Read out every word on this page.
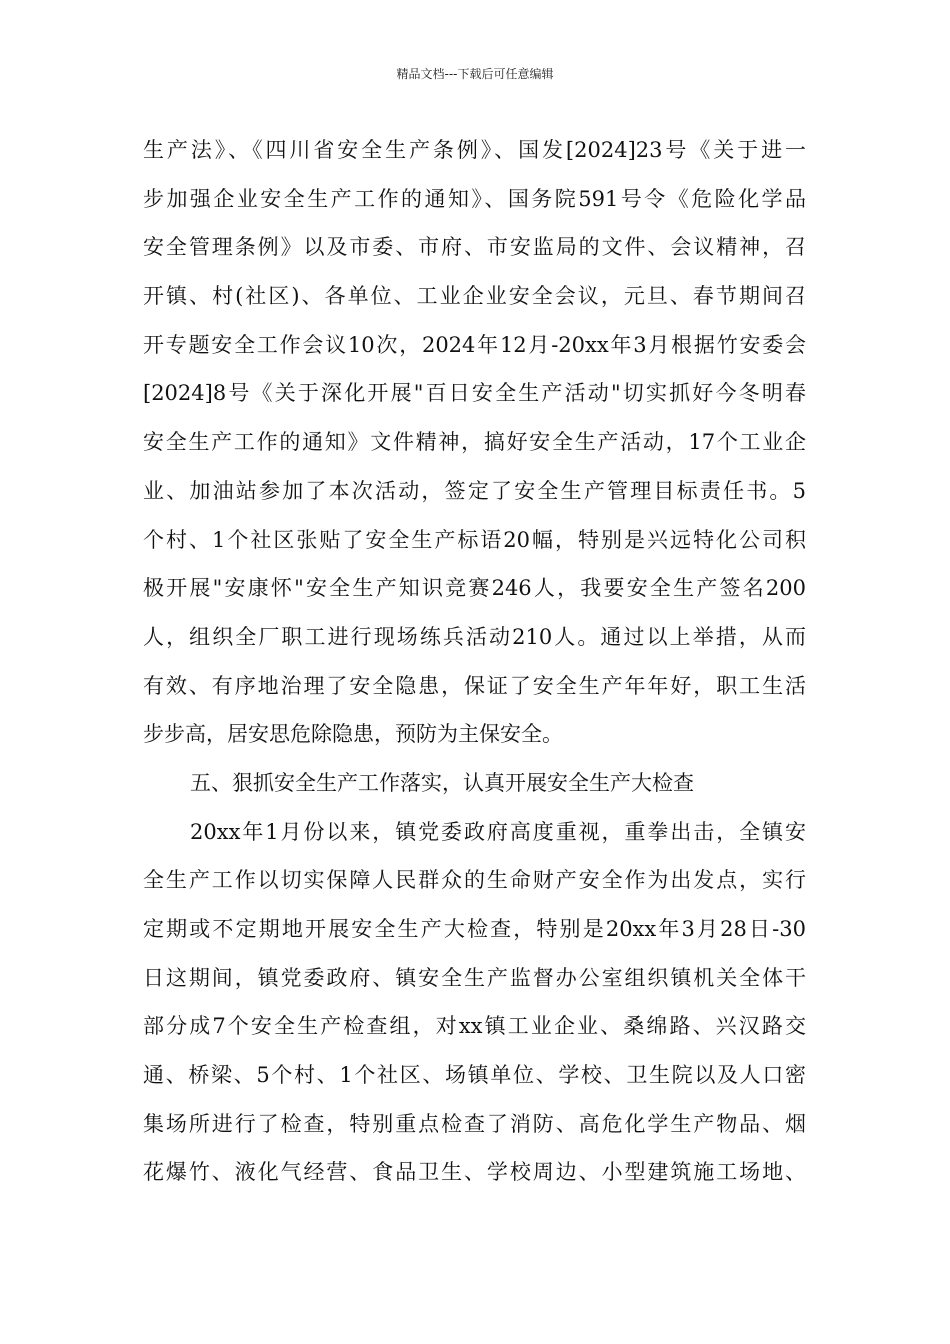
精品文档---下载后可任意编辑
生产法》、《四川省安全生产条例》、国发[2024]23号《关于进一
步加强企业安全生产工作的通知》、国务院591号令《危险化学品
安全管理条例》以及市委、市府、市安监局的文件、会议精神，召
开镇、村(社区)、各单位、工业企业安全会议，元旦、春节期间召
开专题安全工作会议10次，2024年12月-20xx年3月根据竹安委会
[2024]8号《关于深化开展"百日安全生产活动"切实抓好今冬明春
安全生产工作的通知》文件精神，搞好安全生产活动，17个工业企
业、加油站参加了本次活动，签定了安全生产管理目标责任书。5
个村、1个社区张贴了安全生产标语20幅，特别是兴远特化公司积
极开展"安康怀"安全生产知识竞赛246人，我要安全生产签名200
人，组织全厂职工进行现场练兵活动210人。通过以上举措，从而
有效、有序地治理了安全隐患，保证了安全生产年年好，职工生活
步步高，居安思危除隐患，预防为主保安全。
五、狠抓安全生产工作落实，认真开展安全生产大检查
20xx年1月份以来，镇党委政府高度重视，重拳出击，全镇安
全生产工作以切实保障人民群众的生命财产安全作为出发点，实行
定期或不定期地开展安全生产大检查，特别是20xx年3月28日-30
日这期间，镇党委政府、镇安全生产监督办公室组织镇机关全体干
部分成7个安全生产检查组，对xx镇工业企业、桑绵路、兴汉路交
通、桥梁、5个村、1个社区、场镇单位、学校、卫生院以及人口密
集场所进行了检查，特别重点检查了消防、高危化学生产物品、烟
花爆竹、液化气经营、食品卫生、学校周边、小型建筑施工场地、
